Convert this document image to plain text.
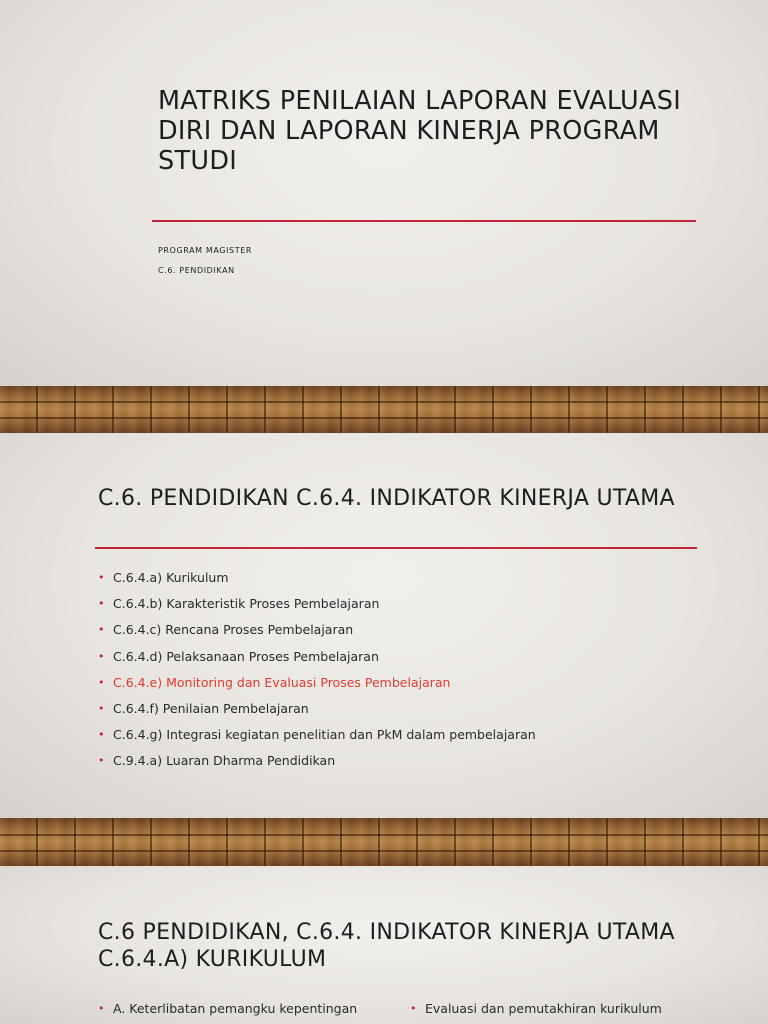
MATRIKS PENILAIAN LAPORAN EVALUASI DIRI DAN LAPORAN KINERJA PROGRAM STUDI
PROGRAM MAGISTER
C.6. PENDIDIKAN
C.6. PENDIDIKAN C.6.4. INDIKATOR KINERJA UTAMA
• C.6.4.a) Kurikulum
• C.6.4.b) Karakteristik Proses Pembelajaran
• C.6.4.c) Rencana Proses Pembelajaran
• C.6.4.d) Pelaksanaan Proses Pembelajaran
• C.6.4.e) Monitoring dan Evaluasi Proses Pembelajaran
• C.6.4.f) Penilaian Pembelajaran
• C.6.4.g) Integrasi kegiatan penelitian dan PkM dalam pembelajaran
• C.9.4.a) Luaran Dharma Pendidikan
C.6 PENDIDIKAN, C.6.4. INDIKATOR KINERJA UTAMA C.6.4.A) KURIKULUM
• A. Keterlibatan pemangku kepentingan	• Evaluasi dan pemutakhiran kurikulum
